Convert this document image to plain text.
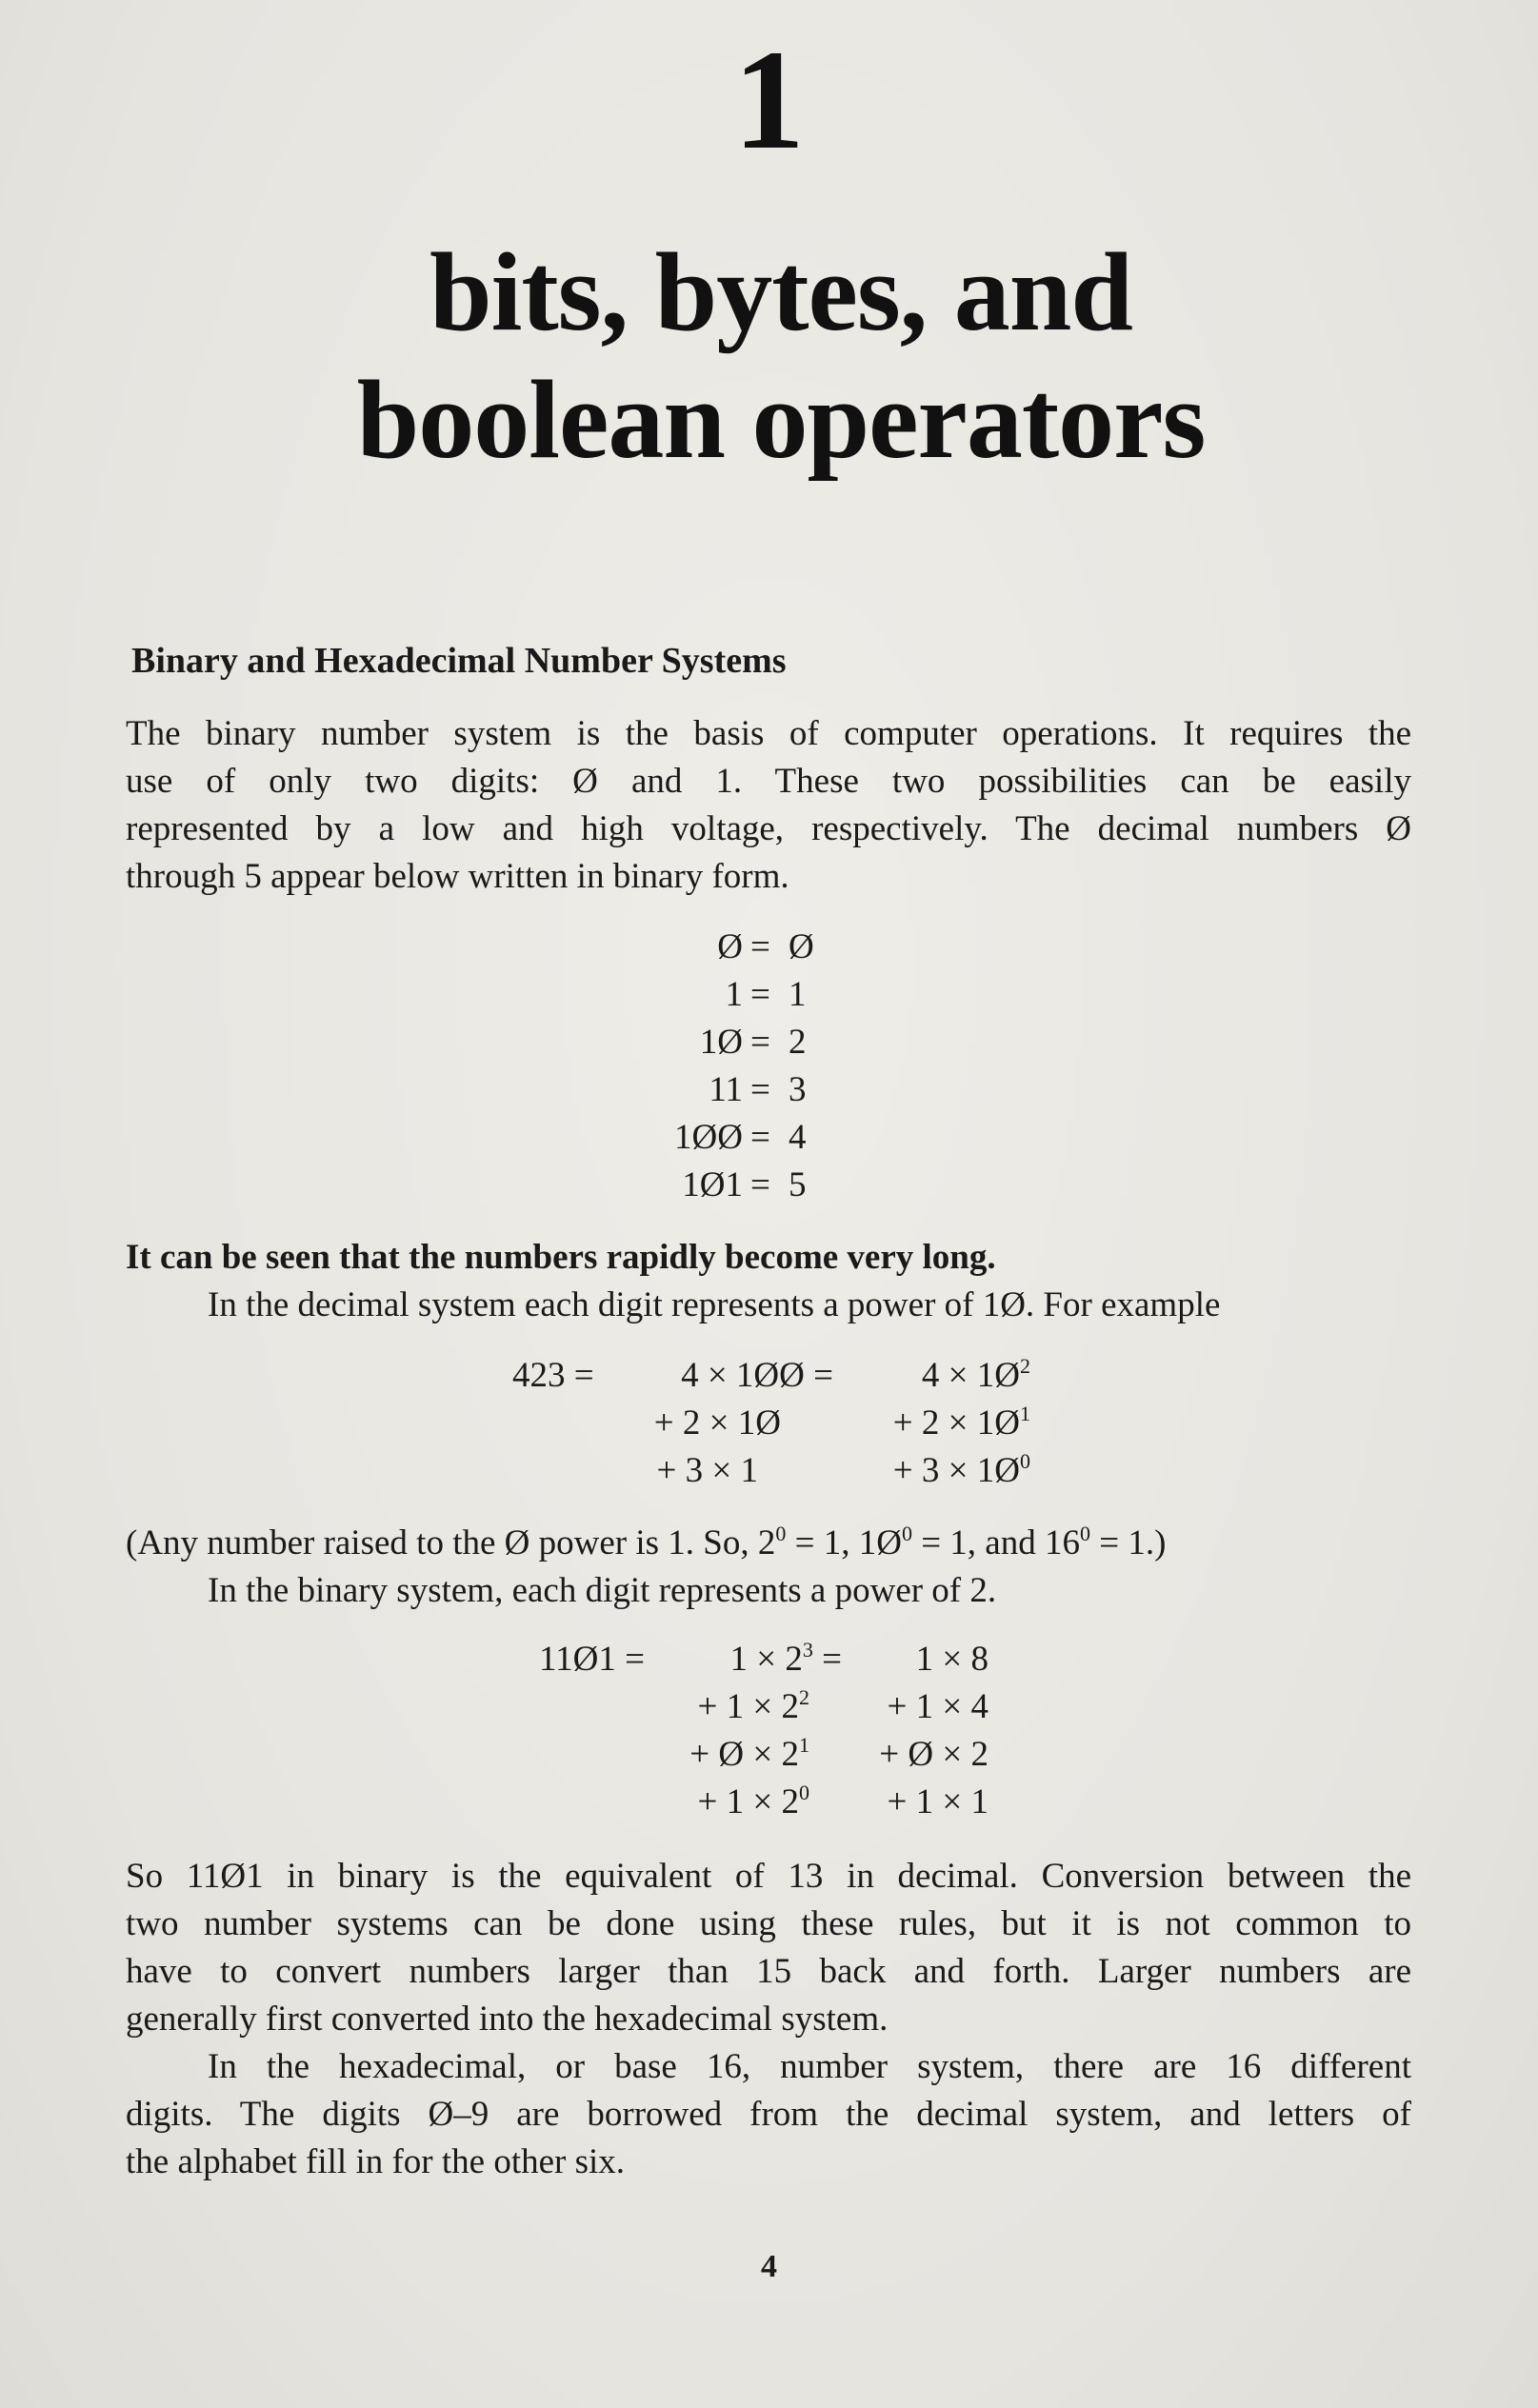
1
bits, bytes, and
boolean operators
Binary and Hexadecimal Number Systems
The binary number system is the basis of computer operations. It requires the
use of only two digits: Ø and 1. These two possibilities can be easily
represented by a low and high voltage, respectively. The decimal numbers Ø
through 5 appear below written in binary form.
Ø = Ø
1 = 1
1Ø = 2
11 = 3
1ØØ = 4
1Ø1 = 5
It can be seen that the numbers rapidly become very long.
In the decimal system each digit represents a power of 1Ø. For example
423 =	4 × 1ØØ =
+ 2 × 1Ø
+ 3 × 1
$4 \times 1Ø^2$
+ $2 \times 1Ø^1$
+ $3 \times 1Ø^0$
(Any number raised to the Ø power is 1. So, $2^0 = 1$, $1Ø^0 = 1$, and $16^0 = 1$.)
In the binary system, each digit represents a power of 2.
11Ø1 =	$1 \times 2^3$ =
+ $1 \times 2^2$
+ Ø × $2^1$
+ $1 \times 2^0$
1 × 8
+ 1 × 4
+ Ø × 2
+ 1 × 1
So 11Ø1 in binary is the equivalent of 13 in decimal. Conversion between the
two number systems can be done using these rules, but it is not common to
have to convert numbers larger than 15 back and forth. Larger numbers are
generally first converted into the hexadecimal system.
In the hexadecimal, or base 16, number system, there are 16 different
digits. The digits Ø–9 are borrowed from the decimal system, and letters of
the alphabet fill in for the other six.
4
